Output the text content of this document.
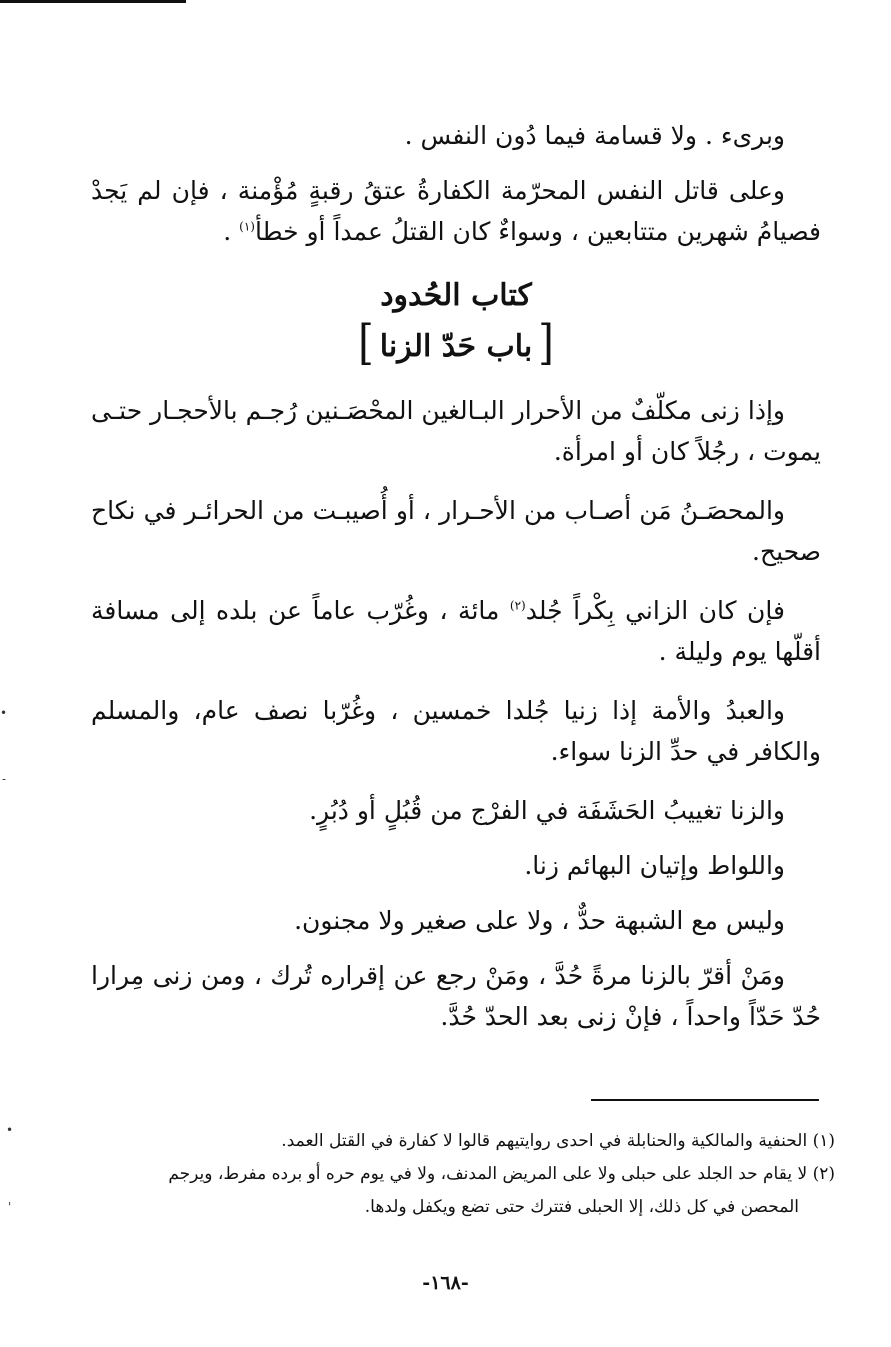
•
-
•
'

وبرىء . ولا قسامة فيما دُون النفس .

وعلى قاتل النفس المحرّمة الكفارةُ عتقُ رقبةٍ مُؤْمنة ، فإن لم يَجدْ فصيامُ شهرين متتابعين ، وسواءٌ كان القتلُ عمداً أو خطأ$^{(١)}$ .

كتاب الحُدود
[باب حَدّ الزنا]

وإذا زنى مكلّفٌ من الأحرار البـالغين المحْصَـنين رُجـم بالأحجـار حتـى يموت ، رجُلاً كان أو امرأة.

والمحصَـنُ مَن أصـاب من الأحـرار ، أو أُصيبـت من الحرائـر في نكاح صحيح.

فإن كان الزاني بِكْراً جُلد$^{(٢)}$ مائة ، وغُرّب عاماً عن بلده إلى مسافة أقلّها يوم وليلة .

والعبدُ والأمة إذا زنيا جُلدا خمسين ، وغُرّبا نصف عام، والمسلم والكافر في حدِّ الزنا سواء.

والزنا تغييبُ الحَشَفَة في الفرْج من قُبُلٍ أو دُبُرٍ.

واللواط وإتيان البهائم زنا.

وليس مع الشبهة حدٌّ ، ولا على صغير ولا مجنون.

ومَنْ أقرّ بالزنا مرةً حُدَّ ، ومَنْ رجع عن إقراره تُرك ، ومن زنى مِرارا حُدّ حَدّاً واحداً ، فإنْ زنى بعد الحدّ حُدَّ.

(١) الحنفية والمالكية والحنابلة في احدى روايتيهم قالوا لا كفارة في القتل العمد.
(٢) لا يقام حد الجلد على حبلى ولا على المريض المدنف، ولا في يوم حره أو برده مفرط، ويرجم
المحصن في كل ذلك، إلا الحبلى فتترك حتى تضع ويكفل ولدها.
-١٦٨-
